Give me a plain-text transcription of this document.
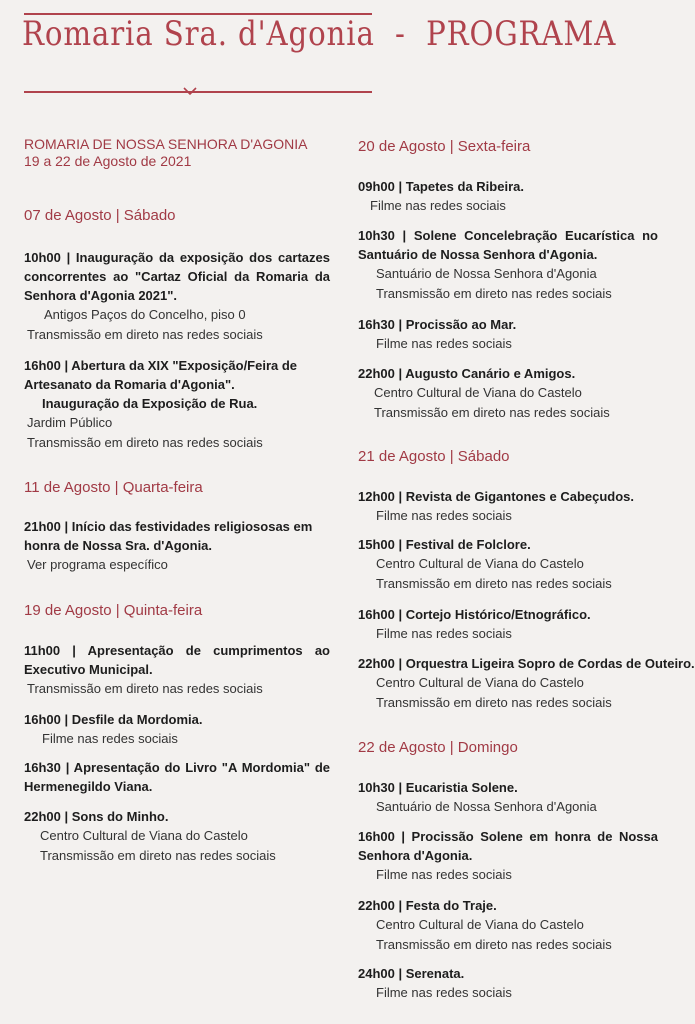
Romaria Sra. d'Agonia  -  PROGRAMA
ROMARIA DE NOSSA SENHORA D'AGONIA
19 a 22 de Agosto de 2021
07 de Agosto | Sábado
10h00 | Inauguração da exposição dos cartazes concorrentes ao "Cartaz Oficial da Romaria da Senhora d'Agonia 2021".
Antigos Paços do Concelho, piso 0
Transmissão em direto nas redes sociais
16h00 | Abertura da XIX "Exposição/Feira de Artesanato da Romaria d'Agonia".
Inauguração da Exposição de Rua.
Jardim Público
Transmissão em direto nas redes sociais
11 de Agosto | Quarta-feira
21h00 | Início das festividades religiososas em honra de Nossa Sra. d'Agonia.
Ver programa específico
19 de Agosto | Quinta-feira
11h00 | Apresentação de cumprimentos ao Executivo Municipal.
Transmissão em direto nas redes sociais
16h00 | Desfile da Mordomia.
Filme nas redes sociais
16h30 | Apresentação do Livro "A Mordomia" de Hermenegildo Viana.
22h00 | Sons do Minho.
Centro Cultural de Viana do Castelo
Transmissão em direto nas redes sociais
20 de Agosto | Sexta-feira
09h00 | Tapetes da Ribeira.
Filme nas redes sociais
10h30 | Solene Concelebração Eucarística no Santuário de Nossa Senhora d'Agonia.
Santuário de Nossa Senhora d'Agonia
Transmissão em direto nas redes sociais
16h30 | Procissão ao Mar.
Filme nas redes sociais
22h00 | Augusto Canário e Amigos.
Centro Cultural de Viana do Castelo
Transmissão em direto nas redes sociais
21 de Agosto | Sábado
12h00 | Revista de Gigantones e Cabeçudos.
Filme nas redes sociais
15h00 | Festival de Folclore.
Centro Cultural de Viana do Castelo
Transmissão em direto nas redes sociais
16h00 | Cortejo Histórico/Etnográfico.
Filme nas redes sociais
22h00 | Orquestra Ligeira Sopro de Cordas de Outeiro.
Centro Cultural de Viana do Castelo
Transmissão em direto nas redes sociais
22 de Agosto | Domingo
10h30 | Eucaristia Solene.
Santuário de Nossa Senhora d'Agonia
16h00 | Procissão Solene em honra de Nossa Senhora d'Agonia.
Filme nas redes sociais
22h00 | Festa do Traje.
Centro Cultural de Viana do Castelo
Transmissão em direto nas redes sociais
24h00 | Serenata.
Filme nas redes sociais
